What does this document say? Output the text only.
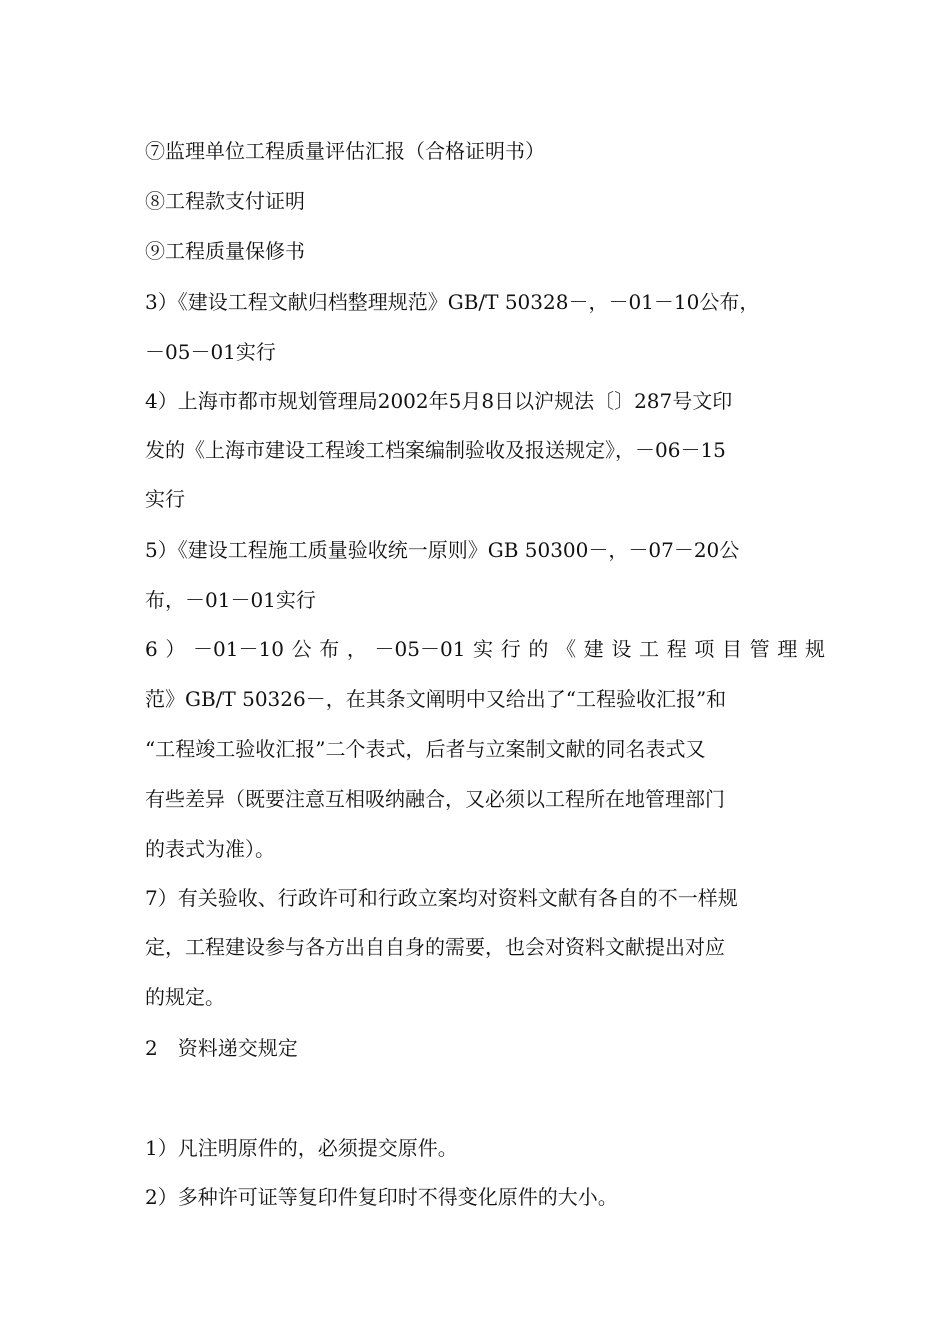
⑦监理单位工程质量评估汇报（合格证明书）
⑧工程款支付证明
⑨工程质量保修书
3）《建设工程文献归档整理规范》GB/T 50328－，－01－10公布，
－05－01实行
4）上海市都市规划管理局2002年5月8日以沪规法〔〕287号文印
发的《上海市建设工程竣工档案编制验收及报送规定》，－06－15
实行
5）《建设工程施工质量验收统一原则》GB 50300－，－07－20公
布，－01－01实行
6）－01－10公布，－05－01实行的《建设工程项目管理规
范》GB/T 50326－，在其条文阐明中又给出了“工程验收汇报”和
“工程竣工验收汇报”二个表式，后者与立案制文献的同名表式又
有些差异（既要注意互相吸纳融合，又必须以工程所在地管理部门
的表式为准）。
7）有关验收、行政许可和行政立案均对资料文献有各自的不一样规
定，工程建设参与各方出自自身的需要，也会对资料文献提出对应
的规定。
2　资料递交规定
1）凡注明原件的，必须提交原件。
2）多种许可证等复印件复印时不得变化原件的大小。
